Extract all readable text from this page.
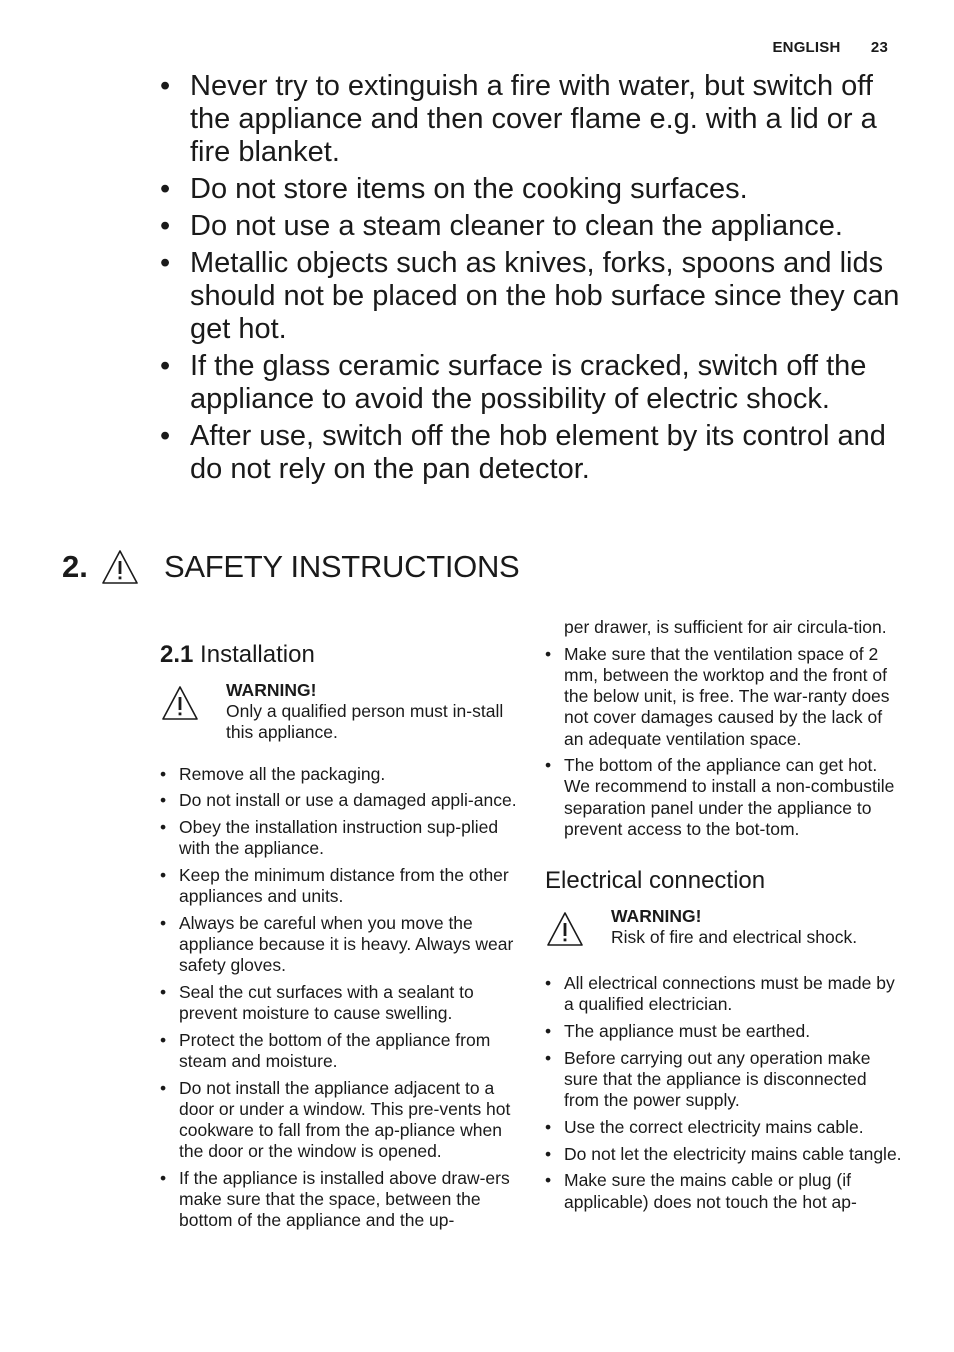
ENGLISH 23
• Never try to extinguish a fire with water, but switch off the appliance and then cover flame e.g. with a lid or a fire blanket.
• Do not store items on the cooking surfaces.
• Do not use a steam cleaner to clean the appliance.
• Metallic objects such as knives, forks, spoons and lids should not be placed on the hob surface since they can get hot.
• If the glass ceramic surface is cracked, switch off the appliance to avoid the possibility of electric shock.
• After use, switch off the hob element by its control and do not rely on the pan detector.
2.	SAFETY INSTRUCTIONS
2.1 Installation
WARNING!
Only a qualified person must in-stall this appliance.
• Remove all the packaging.
• Do not install or use a damaged appli-ance.
• Obey the installation instruction sup-plied with the appliance.
• Keep the minimum distance from the other appliances and units.
• Always be careful when you move the appliance because it is heavy. Always wear safety gloves.
• Seal the cut surfaces with a sealant to prevent moisture to cause swelling.
• Protect the bottom of the appliance from steam and moisture.
• Do not install the appliance adjacent to a door or under a window. This pre-vents hot cookware to fall from the ap-pliance when the door or the window is opened.
• If the appliance is installed above draw-ers make sure that the space, between the bottom of the appliance and the up-
per drawer, is sufficient for air circula-tion.
• Make sure that the ventilation space of 2 mm, between the worktop and the front of the below unit, is free. The war-ranty does not cover damages caused by the lack of an adequate ventilation space.
• The bottom of the appliance can get hot. We recommend to install a non-combustile separation panel under the appliance to prevent access to the bot-tom.
Electrical connection
WARNING!
Risk of fire and electrical shock.
• All electrical connections must be made by a qualified electrician.
• The appliance must be earthed.
• Before carrying out any operation make sure that the appliance is disconnected from the power supply.
• Use the correct electricity mains cable.
• Do not let the electricity mains cable tangle.
• Make sure the mains cable or plug (if applicable) does not touch the hot ap-
